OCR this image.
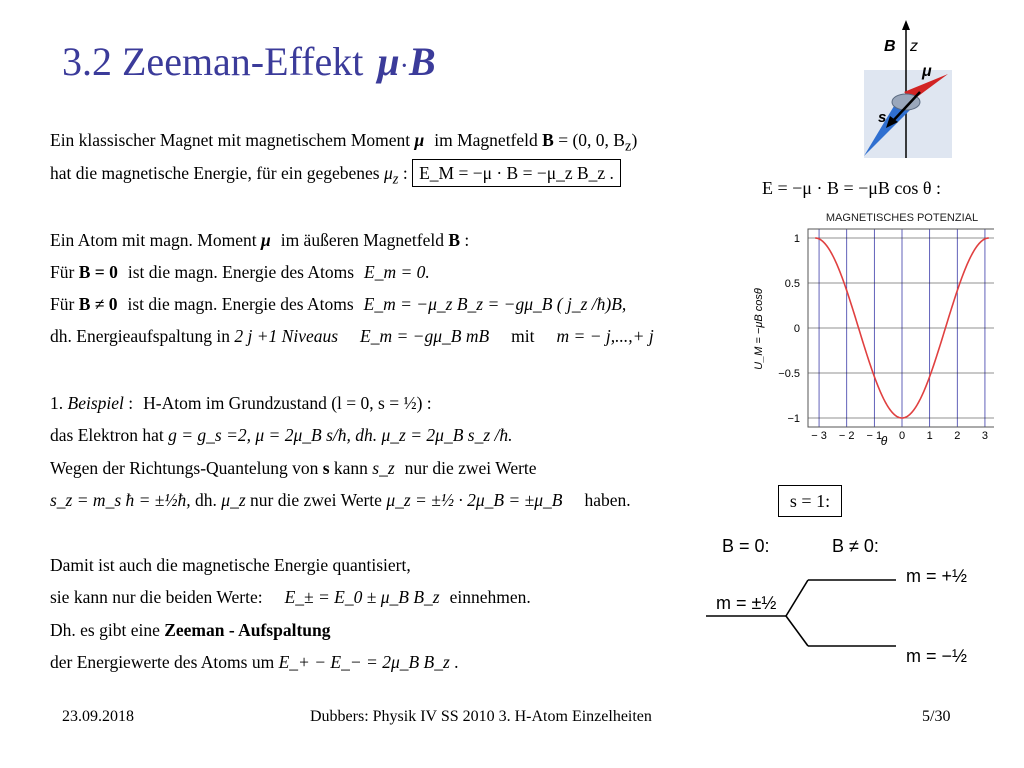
3.2 Zeeman-Effekt μ·B	B z
μ
s
Ein klassischer Magnet mit magnetischem Moment μ im Magnetfeld B = (0, 0, $B_z$)
hat die magnetische Energie, für ein gegebenes $\mu_z$ : E_M = −μ · B = −μ_z B_z .
Ein Atom mit magn. Moment μ im äußeren Magnetfeld B :
Für B = 0 ist die magn. Energie des Atoms E_m = 0.
Für B ≠ 0 ist die magn. Energie des Atoms E_m = −μ_z B_z = −gμ_B ( j_z /ħ)B,
dh. Energieaufspaltung in 2 j +1 Niveaus E_m = −gμ_B mB mit m = − j,...,+ j
1. Beispiel : H-Atom im Grundzustand (l = 0, s = ½) :
das Elektron hat g = g_s =2, μ = 2μ_B s/ħ, dh. μ_z = 2μ_B s_z /ħ.
Wegen der Richtungs-Quantelung von s kann s_z nur die zwei Werte
s_z = m_s ħ = ±½ħ, dh. μ_z nur die zwei Werte μ_z = ±½ · 2μ_B = ±μ_B haben.
Damit ist auch die magnetische Energie quantisiert,
sie kann nur die beiden Werte: E_± = E_0 ± μ_B B_z einnehmen.
Dh. es gibt eine Zeeman - Aufspaltung
der Energiewerte des Atoms um E_+ − E_− = 2μ_B B_z .
E = −μ · B = −μB cos θ :
MAGNETISCHES POTENZIAL
−1
−0.5
0
0.5
1
− 3 − 2 − 1 0 1 2 3
θ
U_M = −μB cosθ
s = 1:
B = 0:	B ≠ 0:
m = +½
m = ±½
m = −½
23.09.2018	Dubbers: Physik IV SS 2010 3. H-Atom Einzelheiten	5/30
